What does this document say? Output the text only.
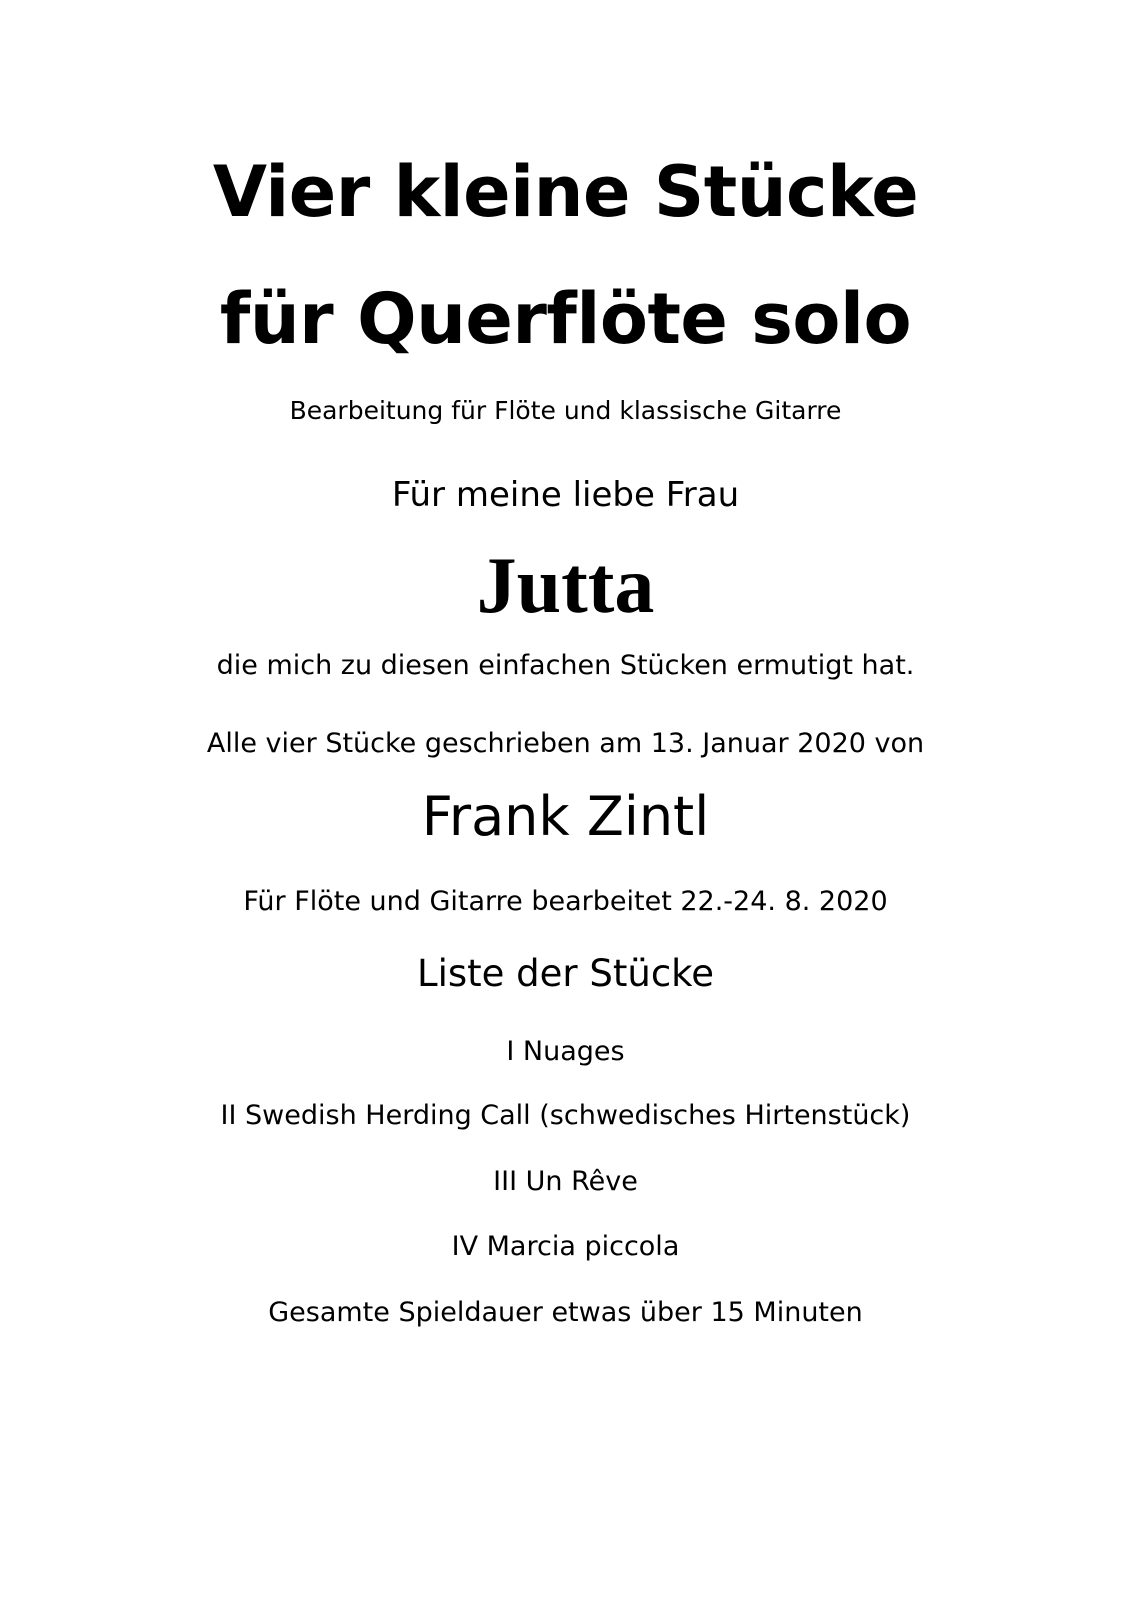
Vier kleine Stücke
für Querflöte solo
Bearbeitung für Flöte und klassische Gitarre
Für meine liebe Frau
Jutta
die mich zu diesen einfachen Stücken ermutigt hat.
Alle vier Stücke geschrieben am 13. Januar 2020 von
Frank Zintl
Für Flöte und Gitarre bearbeitet 22.-24. 8. 2020
Liste der Stücke
I Nuages
II Swedish Herding Call (schwedisches Hirtenstück)
III Un Rêve
IV Marcia piccola
Gesamte Spieldauer etwas über 15 Minuten
